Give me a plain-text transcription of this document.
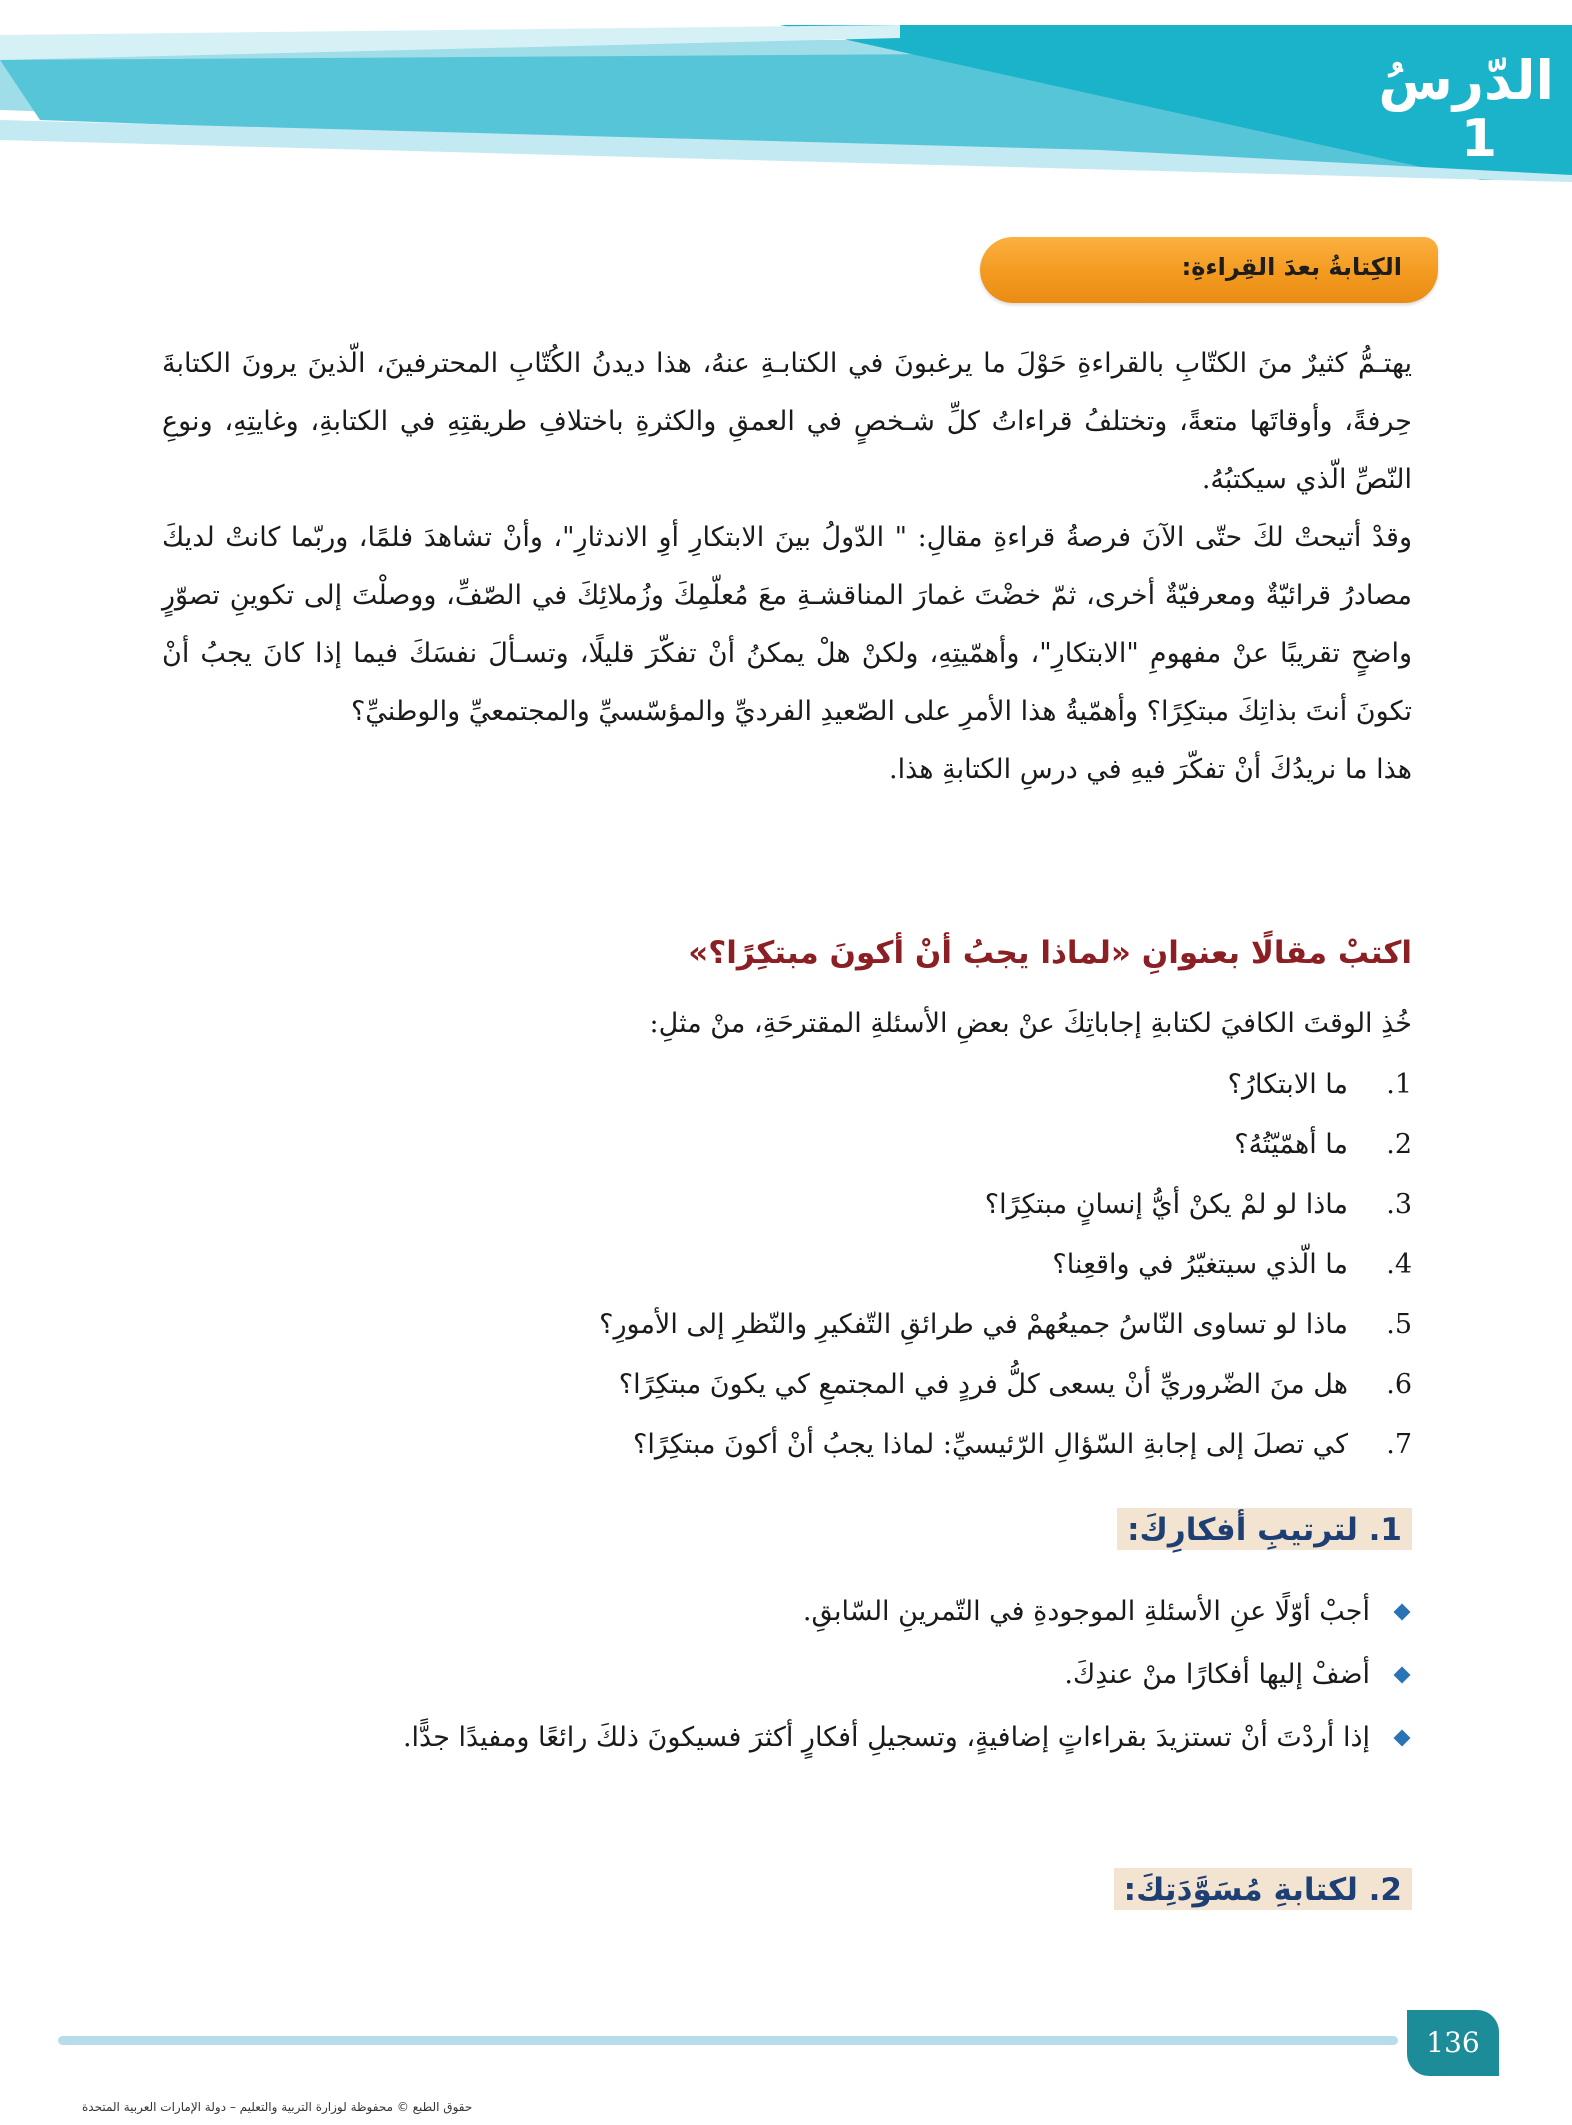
الدّرسُ
1
الكِتابةُ بعدَ القِراءةِ:

يهتـمُّ كثيرٌ منَ الكتّابِ بالقراءةِ حَوْلَ ما يرغبونَ في الكتابـةِ عنهُ، هذا ديدنُ الكُتّابِ المحترفينَ، الّذينَ يرونَ الكتابةَ حِرفةً، وأوقاتَها متعةً، وتختلفُ قراءاتُ كلِّ شـخصٍ في العمقِ والكثرةِ باختلافِ طريقتِهِ في الكتابةِ، وغايتِهِ، ونوعِ النّصِّ الّذي سيكتبُهُ.

وقدْ أتيحتْ لكَ حتّى الآنَ فرصةُ قراءةِ مقالِ: " الدّولُ بينَ الابتكارِ أوِ الاندثارِ"، وأنْ تشاهدَ فلمًا، وربّما كانتْ لديكَ مصادرُ قرائيّةٌ ومعرفيّةٌ أخرى، ثمّ خضْتَ غمارَ المناقشـةِ معَ مُعلّمِكَ وزُملائِكَ في الصّفِّ، ووصلْتَ إلى تكوينِ تصوّرٍ واضحٍ تقريبًا عنْ مفهومِ "الابتكارِ"، وأهمّيتِهِ، ولكنْ هلْ يمكنُ أنْ تفكّرَ قليلًا، وتسـألَ نفسَكَ فيما إذا كانَ يجبُ أنْ تكونَ أنتَ بذاتِكَ مبتكِرًا؟ وأهمّيةُ هذا الأمرِ على الصّعيدِ الفرديِّ والمؤسّسيِّ والمجتمعيِّ والوطنيِّ؟

هذا ما نريدُكَ أنْ تفكّرَ فيهِ في درسِ الكتابةِ هذا.

اكتبْ مقالًا بعنوانِ «لماذا يجبُ أنْ أكونَ مبتكِرًا؟»
خُذِ الوقتَ الكافيَ لكتابةِ إجاباتِكَ عنْ بعضِ الأسئلةِ المقترحَةِ، منْ مثلِ:
1.
ما الابتكارُ؟
2.
ما أهمّيّتُهُ؟
3.
ماذا لو لمْ يكنْ أيُّ إنسانٍ مبتكِرًا؟
4.
ما الّذي سيتغيّرُ في واقعِنا؟
5.
ماذا لو تساوى النّاسُ جميعُهمْ في طرائقِ التّفكيرِ والنّظرِ إلى الأمورِ؟
6.
هل منَ الضّروريِّ أنْ يسعى كلُّ فردٍ في المجتمعِ كي يكونَ مبتكِرًا؟
7.
كي تصلَ إلى إجابةِ السّؤالِ الرّئيسيِّ: لماذا يجبُ أنْ أكونَ مبتكِرًا؟
1. لترتيبِ أفكارِكَ:
أجبْ أوّلًا عنِ الأسئلةِ الموجودةِ في التّمرينِ السّابقِ.
أضفْ إليها أفكارًا منْ عندِكَ.
إذا أردْتَ أنْ تستزيدَ بقراءاتٍ إضافيةٍ، وتسجيلِ أفكارٍ أكثرَ فسيكونَ ذلكَ رائعًا ومفيدًا جدًّا.
2. لكتابةِ مُسَوَّدَتِكَ:
136
حقوق الطبع © محفوظة لوزارة التربية والتعليم – دولة الإمارات العربية المتحدة
